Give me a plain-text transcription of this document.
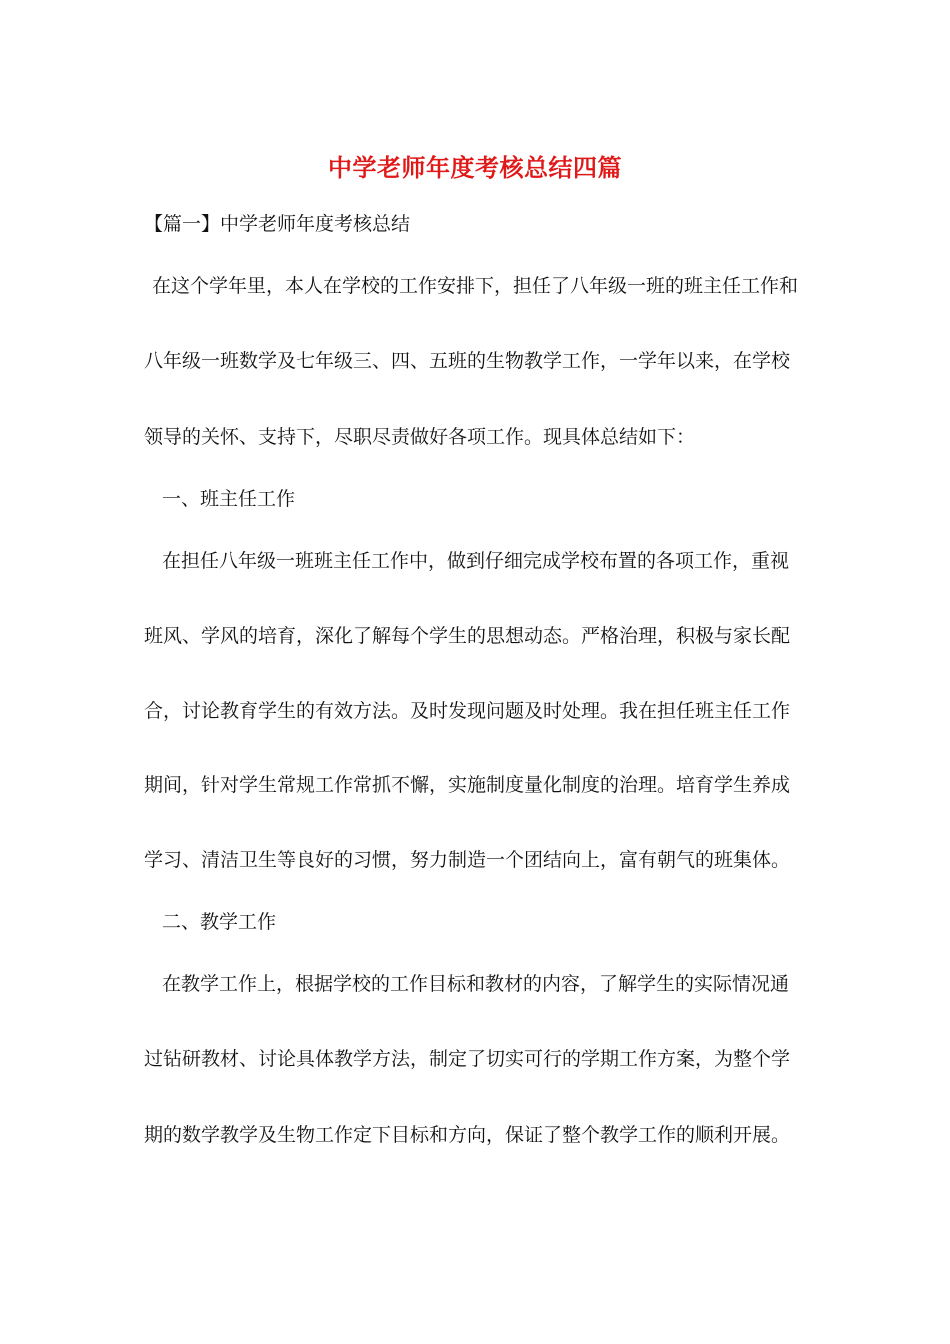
中学老师年度考核总结四篇
【篇一】中学老师年度考核总结
在这个学年里，本人在学校的工作安排下，担任了八年级一班的班主任工作和
八年级一班数学及七年级三、四、五班的生物教学工作，一学年以来，在学校
领导的关怀、支持下，尽职尽责做好各项工作。现具体总结如下：
一、班主任工作
在担任八年级一班班主任工作中，做到仔细完成学校布置的各项工作，重视
班风、学风的培育，深化了解每个学生的思想动态。严格治理，积极与家长配
合，讨论教育学生的有效方法。及时发现问题及时处理。我在担任班主任工作
期间，针对学生常规工作常抓不懈，实施制度量化制度的治理。培育学生养成
学习、清洁卫生等良好的习惯，努力制造一个团结向上，富有朝气的班集体。
二、教学工作
在教学工作上，根据学校的工作目标和教材的内容，了解学生的实际情况通
过钻研教材、讨论具体教学方法，制定了切实可行的学期工作方案，为整个学
期的数学教学及生物工作定下目标和方向，保证了整个教学工作的顺利开展。
